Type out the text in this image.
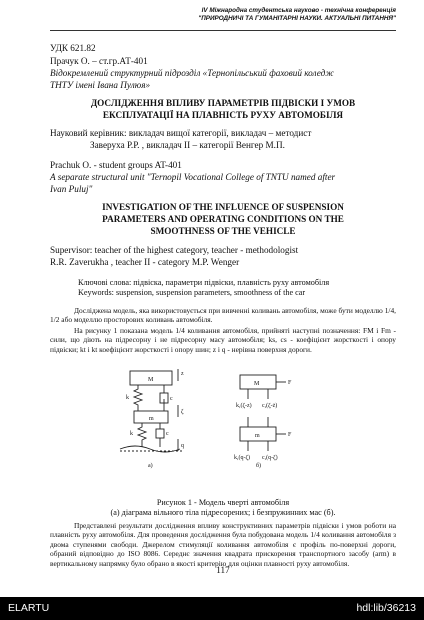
IV Міжнародна студентська науково - технічна конференція
"ПРИРОДНИЧІ ТА ГУМАНІТАРНІ НАУКИ. АКТУАЛЬНІ ПИТАННЯ"
УДК 621.82
Прачук О. – ст.гр.АТ-401
Відокремлений структурний підрозділ «Тернопільський фаховий коледж
ТНТУ імені Івана Пулюя»
ДОСЛІДЖЕННЯ ВПЛИВУ ПАРАМЕТРІВ ПІДВІСКИ І УМОВ
ЕКСПЛУАТАЦІЇ НА ПЛАВНІСТЬ РУХУ АВТОМОБІЛЯ
Науковий керівник: викладач вищої категорії, викладач – методист
Заверуха Р.Р. , викладач ІІ – категорії Венгер М.П.
Prachuk O. - student groups AT-401
A separate structural unit "Ternopil Vocational College of TNTU named after
Ivan Puluj"
INVESTIGATION OF THE INFLUENCE OF SUSPENSION
PARAMETERS AND OPERATING CONDITIONS ON THE
SMOOTHNESS OF THE VEHICLE
Supervisor: teacher of the highest category, teacher - methodologist
R.R. Zaverukha , teacher II - category M.P. Wenger
Ключові слова: підвіска, параметри підвіски, плавність руху автомобіля
Keywords: suspension, suspension parameters, smoothness of the car
Досліджена модель, яка використовується при вивченні коливань автомобіля, може бути моделлю 1/4, 1/2 або моделлю просторових коливань автомобіля.
На рисунку 1 показана модель 1/4 коливання автомобіля, прийняті наступні позначення: FM і Fm - сили, що діють на підресорну і не підресорну масу автомобіля; ks, cs - коефіцієнт жорсткості і опору підвіски; kt і kt коефіцієнт жорсткості і опору шин; z i q - нерівна поверхня дороги.
M
m
z
ζ
q
k	c
k	c
M
m
F
F
k,(ζ-z) c,(ζ-ż)
k,(q-ζ) c,(q-ζ)
а)	б)
Рисунок 1 - Модель чверті автомобіля
(а) діаграма вільного тіла підресорених; і безпружинних мас (б).
Представлені результати дослідження впливу конструктивних параметрів підвіски і умов роботи на плавність руху автомобіля. Для проведення дослідження була побудована модель 1/4 коливання автомобіля з двома ступенями свободи. Джерелом стимуляції коливання автомобіля є профіль по-поверхні дороги, обраний відповідно до ISO 8086. Середнє значення квадрата прискорення транспортного засобу (arm) в вертикальному напрямку було обрано в якості критерію для оцінки плавності руху автомобіля.
117
ELARTU	hdl:lib/36213
